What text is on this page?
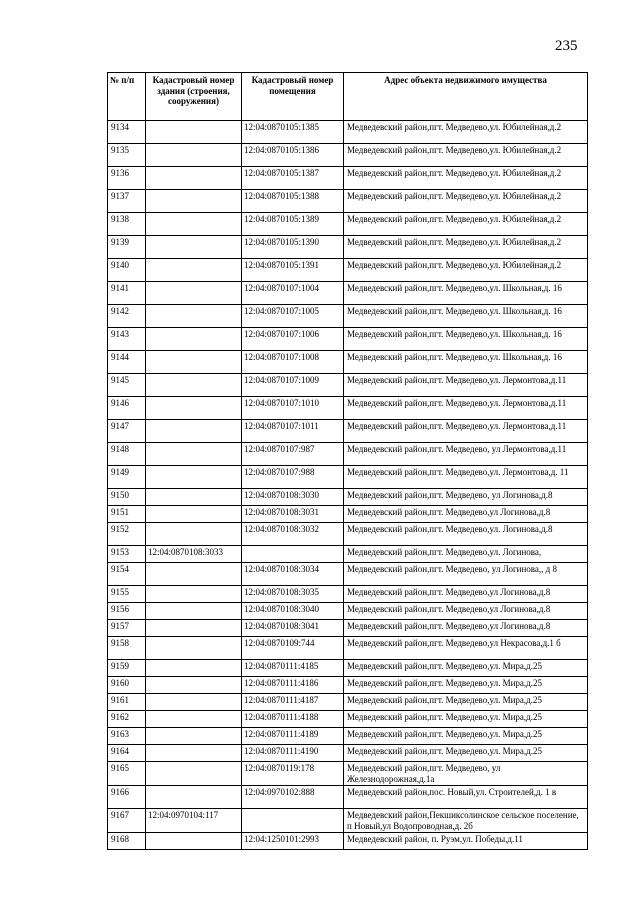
235
№ п/п	Кадастровый номер здания (строения, сооружения)	Кадастровый номер помещения	Адрес объекта недвижимого имущества
9134		12:04:0870105:1385	Медведевский район,пгт. Медведево,ул. Юбилейная,д.2
9135		12:04:0870105:1386	Медведевский район,пгт. Медведево,ул. Юбилейная,д.2
9136		12:04:0870105:1387	Медведевский район,пгт. Медведево,ул. Юбилейная,д.2
9137		12:04:0870105:1388	Медведевский район,пгт. Медведево,ул. Юбилейная,д.2
9138		12:04:0870105:1389	Медведевский район,пгт. Медведево,ул. Юбилейная,д.2
9139		12:04:0870105:1390	Медведевский район,пгт. Медведево,ул. Юбилейная,д.2
9140		12:04:0870105:1391	Медведевский район,пгт. Медведево,ул. Юбилейная,д.2
9141		12:04:0870107:1004	Медведевский район,пгт. Медведево,ул. Школьная,д. 16
9142		12:04:0870107:1005	Медведевский район,пгт. Медведево,ул. Школьная,д. 16
9143		12:04:0870107:1006	Медведевский район,пгт. Медведево,ул. Школьная,д. 16
9144		12:04:0870107:1008	Медведевский район,пгт. Медведево,ул. Школьная,д. 16
9145		12:04:0870107:1009	Медведевский район,пгт. Медведево,ул. Лермонтова,д.11
9146		12:04:0870107:1010	Медведевский район,пгт. Медведево,ул. Лермонтова,д.11
9147		12:04:0870107:1011	Медведевский район,пгт. Медведево,ул. Лермонтова,д.11
9148		12:04:0870107:987	Медведевский район,пгт. Медведево, ул Лермонтова,д.11
9149		12:04:0870107:988	Медведевский район,пгт. Медведево,ул. Лермонтова,д. 11
9150		12:04:0870108:3030	Медведевский район,пгт. Медведево, ул Логинова,д.8
9151		12:04:0870108:3031	Медведевский район,пгт. Медведево,ул Логинова,д.8
9152		12:04:0870108:3032	Медведевский район,пгт. Медведево,ул. Логинова,д.8
9153	12:04:0870108:3033		Медведевский район,пгт. Медведево,ул. Логинова,
9154		12:04:0870108:3034	Медведевский район,пгт. Медведево, ул Логинова,, д 8
9155		12:04:0870108:3035	Медведевский район,пгт. Медведево,ул Логинова,д.8
9156		12:04:0870108:3040	Медведевский район,пгт. Медведево,ул Логинова,д.8
9157		12:04:0870108:3041	Медведевский район,пгт. Медведево,ул Логинова,д.8
9158		12:04:0870109:744	Медведевский район,пгт. Медведево,ул Некрасова,д.1 б
9159		12:04:0870111:4185	Медведевский район,пгт. Медведево,ул. Мира,д.25
9160		12:04:0870111:4186	Медведевский район,пгт. Медведево,ул. Мира,д.25
9161		12:04:0870111:4187	Медведевский район,пгт. Медведево,ул. Мира,д.25
9162		12:04:0870111:4188	Медведевский район,пгт. Медведево,ул. Мира,д.25
9163		12:04:0870111:4189	Медведевский район,пгт. Медведево,ул. Мира,д.25
9164		12:04:0870111:4190	Медведевский район,пгт. Медведево,ул. Мира,д.25
9165		12:04:0870119:178	Медведевский район,пгт. Медведево, ул Железнодорожная,д.1а
9166		12:04:0970102:888	Медведевский район,пос. Новый,ул. Строителей,д. 1 в
9167	12:04:0970104:117		Медведевский район,Пекшиксолинское сельское поселение, п Новый,ул Водопроводная,д. 2б
9168		12:04:1250101:2993	Медведевский район, п. Руэм,ул. Победы,д.11
